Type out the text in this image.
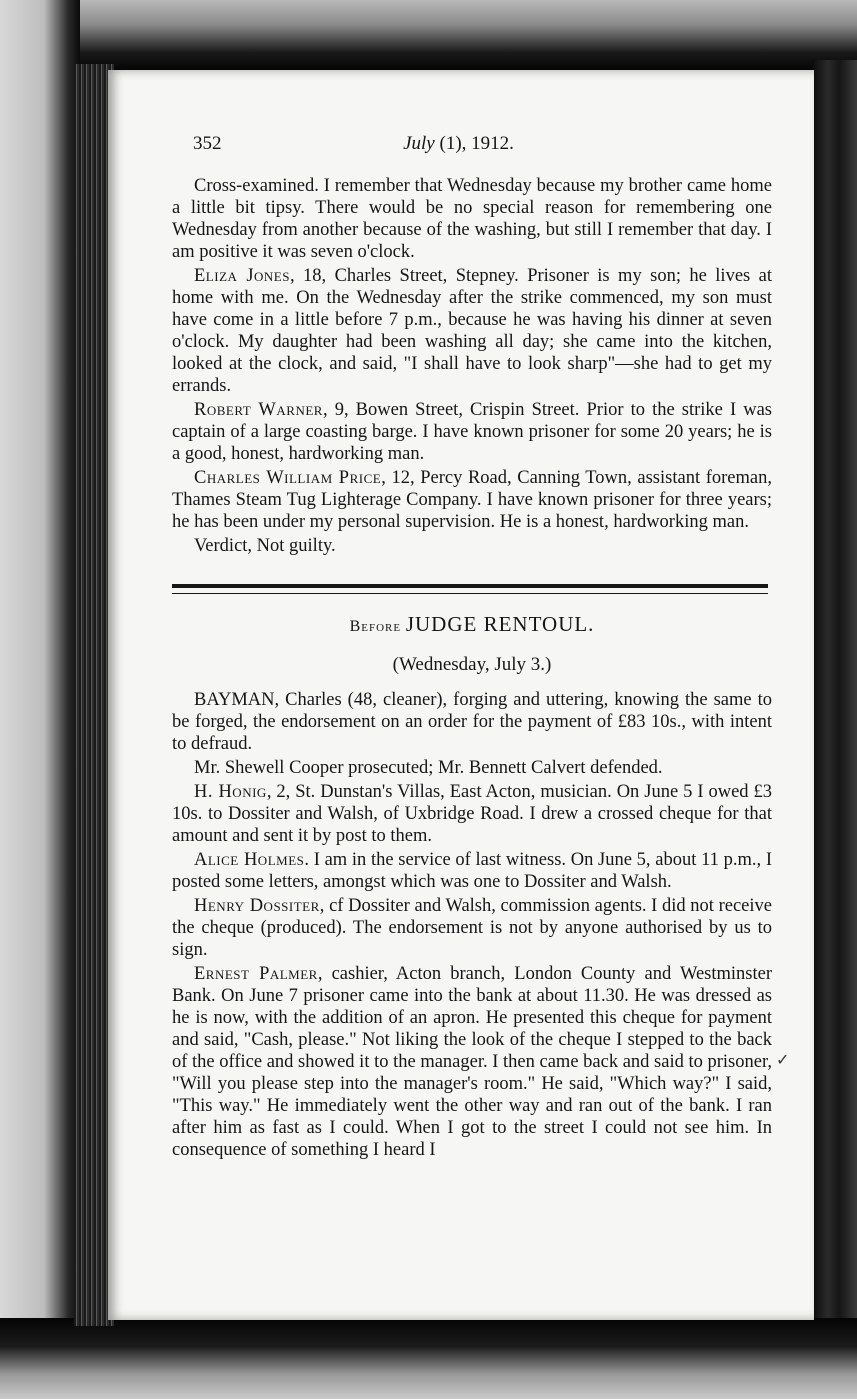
352	July (1), 1912.

Cross-examined. I remember that Wednesday because my brother came home a little bit tipsy. There would be no special reason for remembering one Wednesday from another because of the washing, but still I remember that day. I am positive it was seven o'clock.

Eliza Jones, 18, Charles Street, Stepney. Prisoner is my son; he lives at home with me. On the Wednesday after the strike commenced, my son must have come in a little before 7 p.m., because he was having his dinner at seven o'clock. My daughter had been washing all day; she came into the kitchen, looked at the clock, and said, "I shall have to look sharp"—she had to get my errands.

Robert Warner, 9, Bowen Street, Crispin Street. Prior to the strike I was captain of a large coasting barge. I have known prisoner for some 20 years; he is a good, honest, hardworking man.

Charles William Price, 12, Percy Road, Canning Town, assistant foreman, Thames Steam Tug Lighterage Company. I have known prisoner for three years; he has been under my personal supervision. He is a honest, hardworking man.

Verdict, Not guilty.

Before JUDGE RENTOUL.
(Wednesday, July 3.)

BAYMAN, Charles (48, cleaner), forging and uttering, knowing the same to be forged, the endorsement on an order for the payment of £83 10s., with intent to defraud.

Mr. Shewell Cooper prosecuted; Mr. Bennett Calvert defended.

H. Honig, 2, St. Dunstan's Villas, East Acton, musician. On June 5 I owed £3 10s. to Dossiter and Walsh, of Uxbridge Road. I drew a crossed cheque for that amount and sent it by post to them.

Alice Holmes. I am in the service of last witness. On June 5, about 11 p.m., I posted some letters, amongst which was one to Dossiter and Walsh.

Henry Dossiter, cf Dossiter and Walsh, commission agents. I did not receive the cheque (produced). The endorsement is not by anyone authorised by us to sign.

Ernest Palmer, cashier, Acton branch, London County and Westminster Bank. On June 7 prisoner came into the bank at about 11.30. He was dressed as he is now, with the addition of an apron. He presented this cheque for payment and said, "Cash, please." Not liking the look of the cheque I stepped to the back of the office and showed it to the manager. I then came back and said to prisoner, "Will you please step into the manager's room." He said, "Which way?" I said, "This way." He immediately went the other way and ran out of the bank. I ran after him as fast as I could. When I got to the street I could not see him. In consequence of something I heard I

✓
